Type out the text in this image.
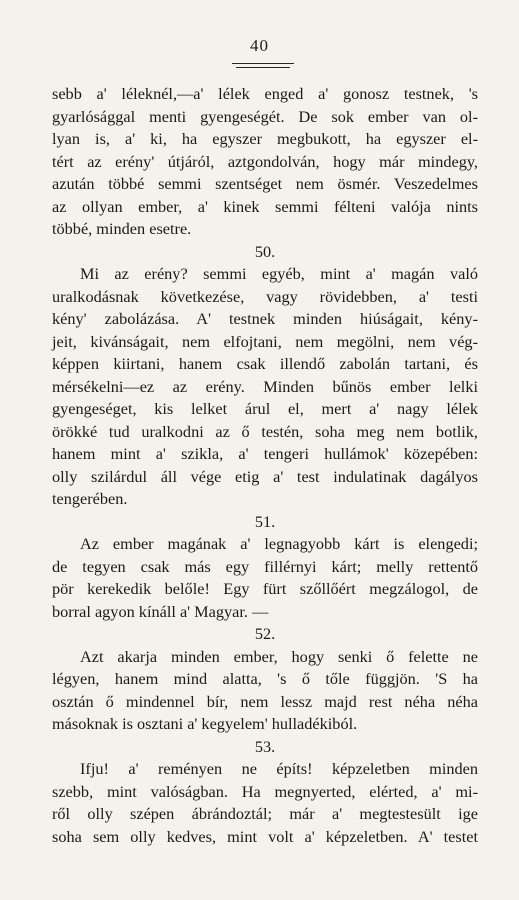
40
sebb a' léleknél,—a' lélek enged a' gonosz testnek, 's
gyarlósággal menti gyengeségét. De sok ember van ol-
lyan is, a' ki, ha egyszer megbukott, ha egyszer el-
tért az erény' útjáról, aztgondolván, hogy már mindegy,
azután többé semmi szentséget nem ösmér. Veszedelmes
az ollyan ember, a' kinek semmi félteni valója nints
többé, minden esetre.
50.
Mi az erény? semmi egyéb, mint a' magán való
uralkodásnak következése, vagy rövidebben, a' testi
kény' zabolázása. A' testnek minden hiúságait, kény-
jeit, kivánságait, nem elfojtani, nem megölni, nem vég-
képpen kiirtani, hanem csak illendő zabolán tartani, és
mérsékelni—ez az erény. Minden bűnös ember lelki
gyengeséget, kis lelket árul el, mert a' nagy lélek
örökké tud uralkodni az ő testén, soha meg nem botlik,
hanem mint a' szikla, a' tengeri hullámok' közepében:
olly szilárdul áll vége etig a' test indulatinak dagályos
tengerében.
51.
Az ember magának a' legnagyobb kárt is elengedi;
de tegyen csak más egy fillérnyi kárt; melly rettentő
pör kerekedik belőle! Egy fürt szőllőért megzálogol, de
borral agyon kínáll a' Magyar. —
52.
Azt akarja minden ember, hogy senki ő felette ne
légyen, hanem mind alatta, 's ő tőle függjön. 'S ha
osztán ő mindennel bír, nem lessz majd rest néha néha
másoknak is osztani a' kegyelem' hulladékiból.
53.
Ifju! a' reményen ne építs! képzeletben minden
szebb, mint valóságban. Ha megnyerted, elérted, a' mi-
ről olly szépen ábrándoztál; már a' megtestesült ige
soha sem olly kedves, mint volt a' képzeletben. A' testet
